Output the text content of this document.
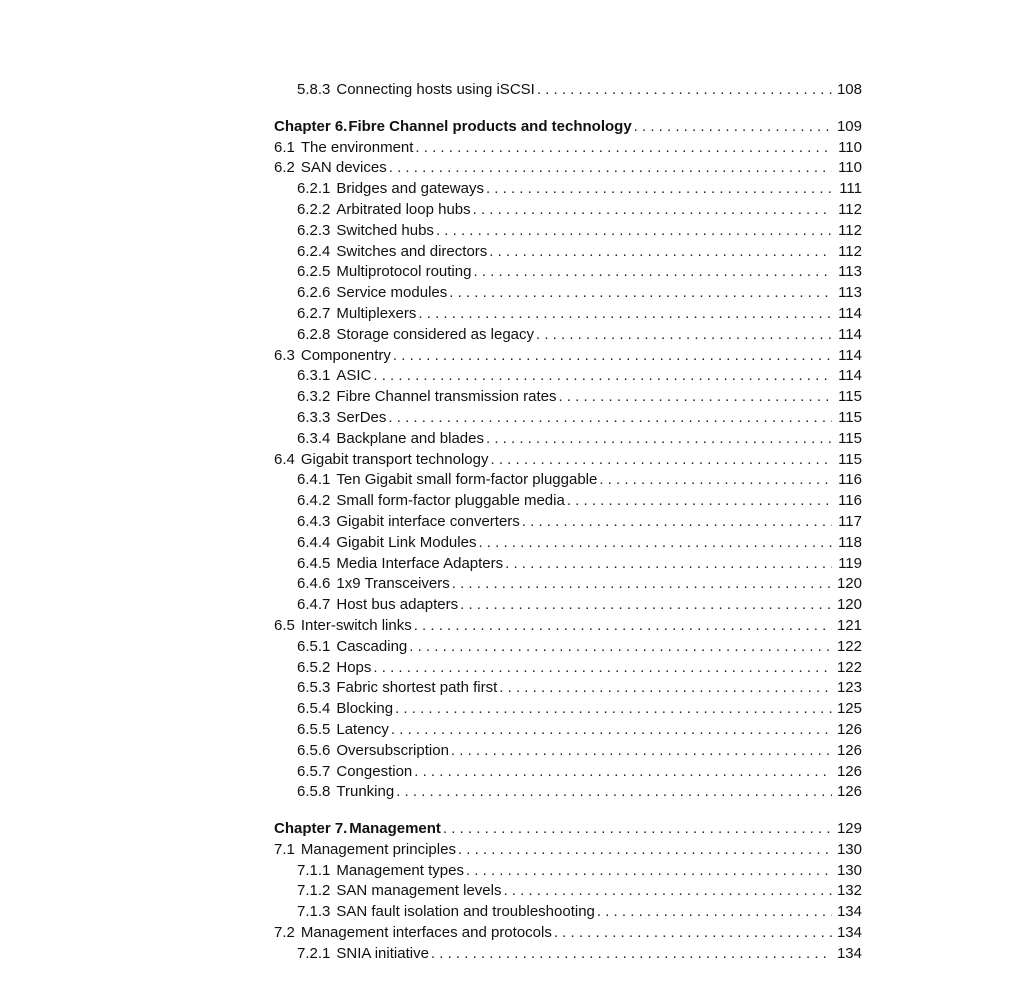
5.8.3 Connecting hosts using iSCSI . . .	108
Chapter 6. Fibre Channel products and technology . . .	109
6.1 The environment . . .	110
6.2 SAN devices . . .	110
6.2.1 Bridges and gateways . . .	111
6.2.2 Arbitrated loop hubs . . .	112
6.2.3 Switched hubs . . .	112
6.2.4 Switches and directors . . .	112
6.2.5 Multiprotocol routing . . .	113
6.2.6 Service modules . . .	113
6.2.7 Multiplexers . . .	114
6.2.8 Storage considered as legacy . . .	114
6.3 Componentry . . .	114
6.3.1 ASIC . . .	114
6.3.2 Fibre Channel transmission rates . . .	115
6.3.3 SerDes . . .	115
6.3.4 Backplane and blades . . .	115
6.4 Gigabit transport technology . . .	115
6.4.1 Ten Gigabit small form-factor pluggable . . .	116
6.4.2 Small form-factor pluggable media . . .	116
6.4.3 Gigabit interface converters . . .	117
6.4.4 Gigabit Link Modules . . .	118
6.4.5 Media Interface Adapters . . .	119
6.4.6 1x9 Transceivers . . .	120
6.4.7 Host bus adapters . . .	120
6.5 Inter-switch links . . .	121
6.5.1 Cascading . . .	122
6.5.2 Hops . . .	122
6.5.3 Fabric shortest path first . . .	123
6.5.4 Blocking . . .	125
6.5.5 Latency . . .	126
6.5.6 Oversubscription . . .	126
6.5.7 Congestion . . .	126
6.5.8 Trunking . . .	126
Chapter 7. Management . . .	129
7.1 Management principles . . .	130
7.1.1 Management types . . .	130
7.1.2 SAN management levels . . .	132
7.1.3 SAN fault isolation and troubleshooting . . .	134
7.2 Management interfaces and protocols . . .	134
7.2.1 SNIA initiative . . .	134
